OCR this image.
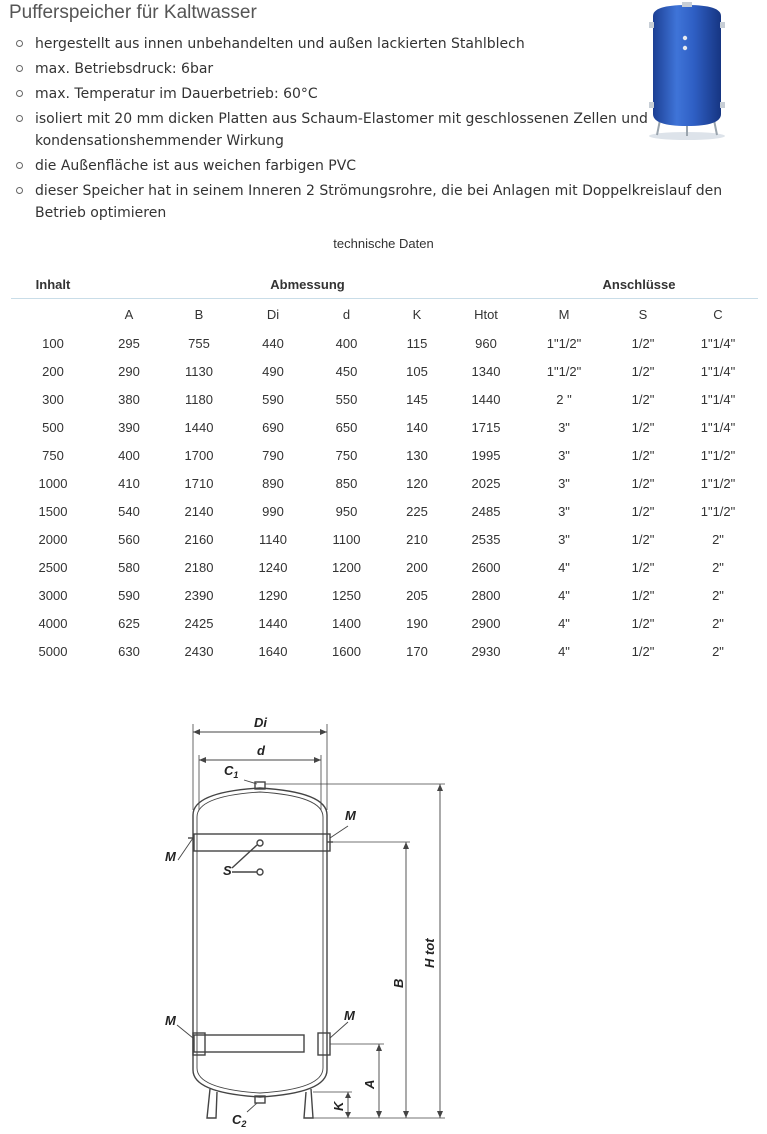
Pufferspeicher für Kaltwasser
hergestellt aus innen unbehandelten und außen lackierten Stahlblech
max. Betriebsdruck: 6bar
max. Temperatur im Dauerbetrieb: 60°C
isoliert mit 20 mm dicken Platten aus Schaum-Elastomer mit geschlossenen Zellen und kondensationshemmender Wirkung
die Außenfläche ist aus weichen farbigen PVC
dieser Speicher hat in seinem Inneren 2 Strömungsrohre, die bei Anlagen mit Doppelkreislauf den Betrieb optimieren
technische Daten
Inhalt	Abmessung						Anschlüsse		
	A	B	Di	d	K	Htot	M	S	C
100	295	755	440	400	115	960	1"1/2"	1/2"	1"1/4"
200	290	1130	490	450	105	1340	1"1/2"	1/2"	1"1/4"
300	380	1180	590	550	145	1440	2 "	1/2"	1"1/4"
500	390	1440	690	650	140	1715	3"	1/2"	1"1/4"
750	400	1700	790	750	130	1995	3"	1/2"	1"1/2"
1000	410	1710	890	850	120	2025	3"	1/2"	1"1/2"
1500	540	2140	990	950	225	2485	3"	1/2"	1"1/2"
2000	560	2160	1140	1100	210	2535	3"	1/2"	2"
2500	580	2180	1240	1200	200	2600	4"	1/2"	2"
3000	590	2390	1290	1250	205	2800	4"	1/2"	2"
4000	625	2425	1440	1400	190	2900	4"	1/2"	2"
5000	630	2430	1640	1600	170	2930	4"	1/2"	2"
Di
d
$C_1$
$C_2$
M
M
M	M
S
B
H tot
A
K
